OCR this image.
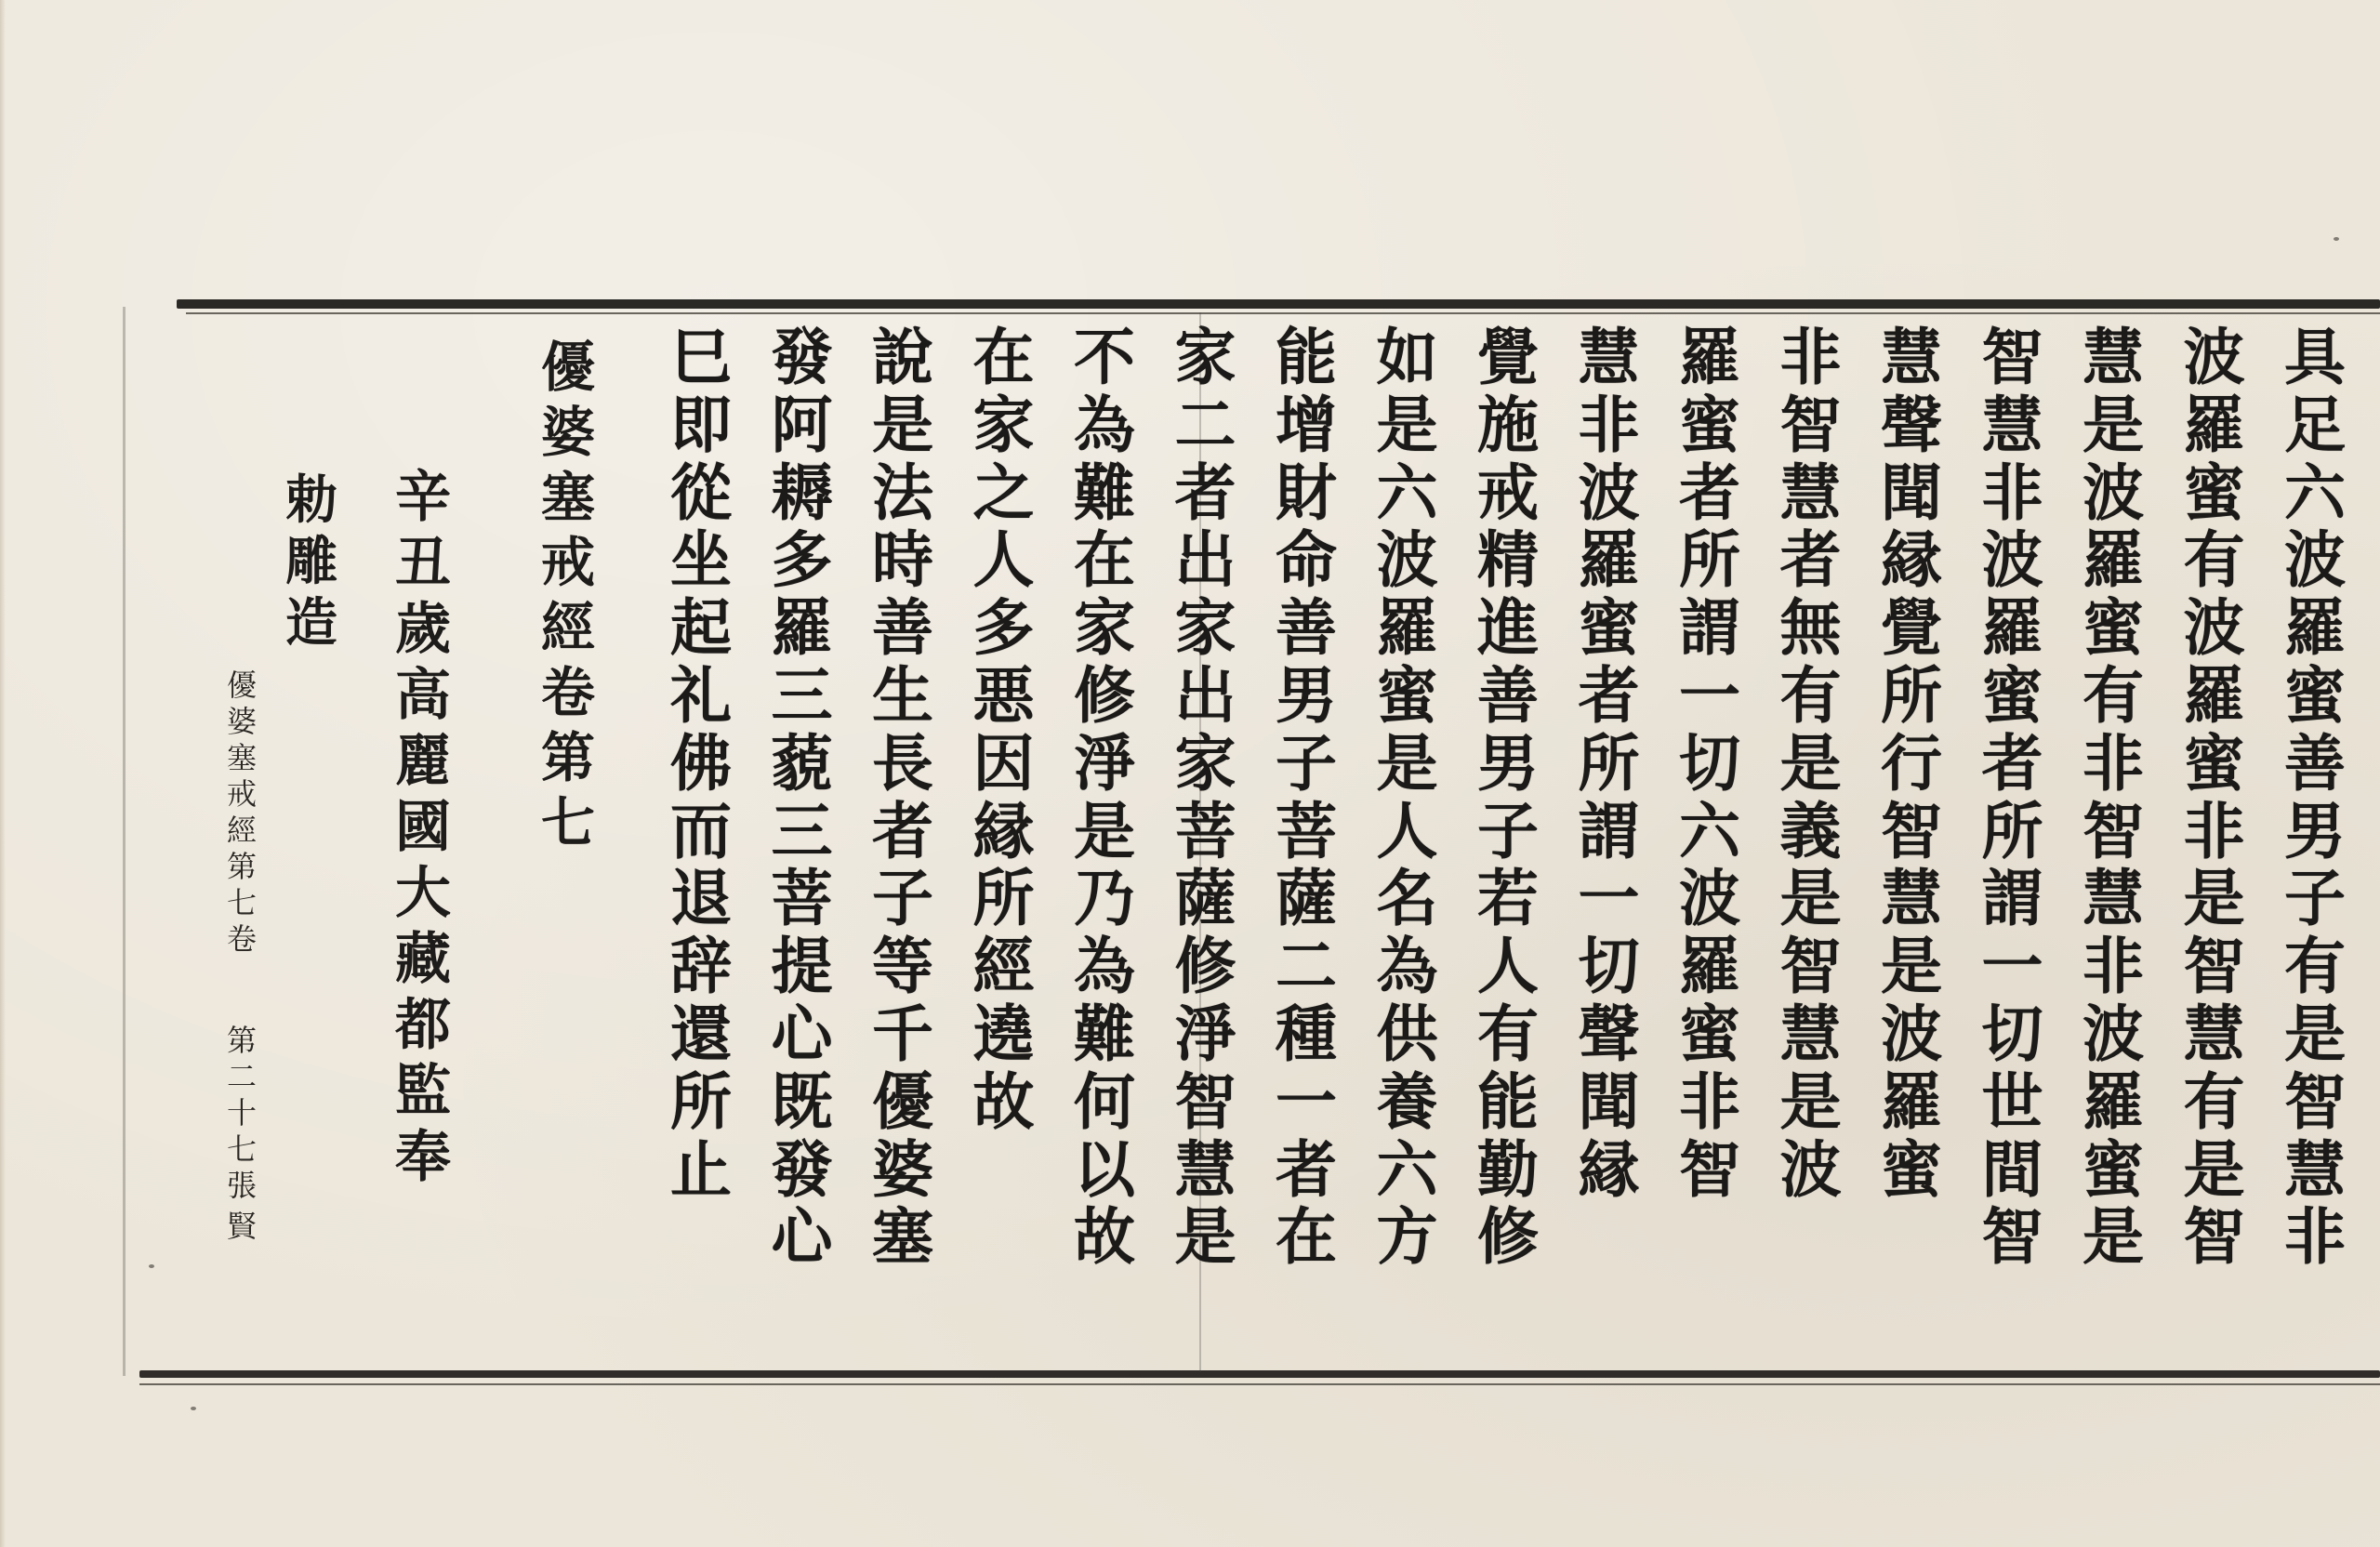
具
足
六
波
羅
蜜
善
男
子
有
是
智
慧
非
波
羅
蜜
有
波
羅
蜜
非
是
智
慧
有
是
智
慧
是
波
羅
蜜
有
非
智
慧
非
波
羅
蜜
是
智
慧
非
波
羅
蜜
者
所
謂
一
切
世
間
智
慧
聲
聞
縁
覺
所
行
智
慧
是
波
羅
蜜
非
智
慧
者
無
有
是
義
是
智
慧
是
波
羅
蜜
者
所
謂
一
切
六
波
羅
蜜
非
智
慧
非
波
羅
蜜
者
所
謂
一
切
聲
聞
縁
覺
施
戒
精
進
善
男
子
若
人
有
能
勤
修
如
是
六
波
羅
蜜
是
人
名
為
供
養
六
方
能
增
財
命
善
男
子
菩
薩
二
種
一
者
在
家
二
者
出
家
出
家
菩
薩
修
淨
智
慧
是
不
為
難
在
家
修
淨
是
乃
為
難
何
以
故
在
家
之
人
多
悪
因
縁
所
經
遶
故
說
是
法
時
善
生
長
者
子
等
千
優
婆
塞
發
阿
耨
多
羅
三
藐
三
菩
提
心
既
發
心
巳
即
從
坐
起
礼
佛
而
退
辞
還
所
止
優
婆
塞
戒
經
卷
第
七
辛
丑
歲
高
麗
國
大
藏
都
監
奉
勅
雕
造
優
婆
塞
戒
經
第
七
卷
第
二
十
七
張
賢
